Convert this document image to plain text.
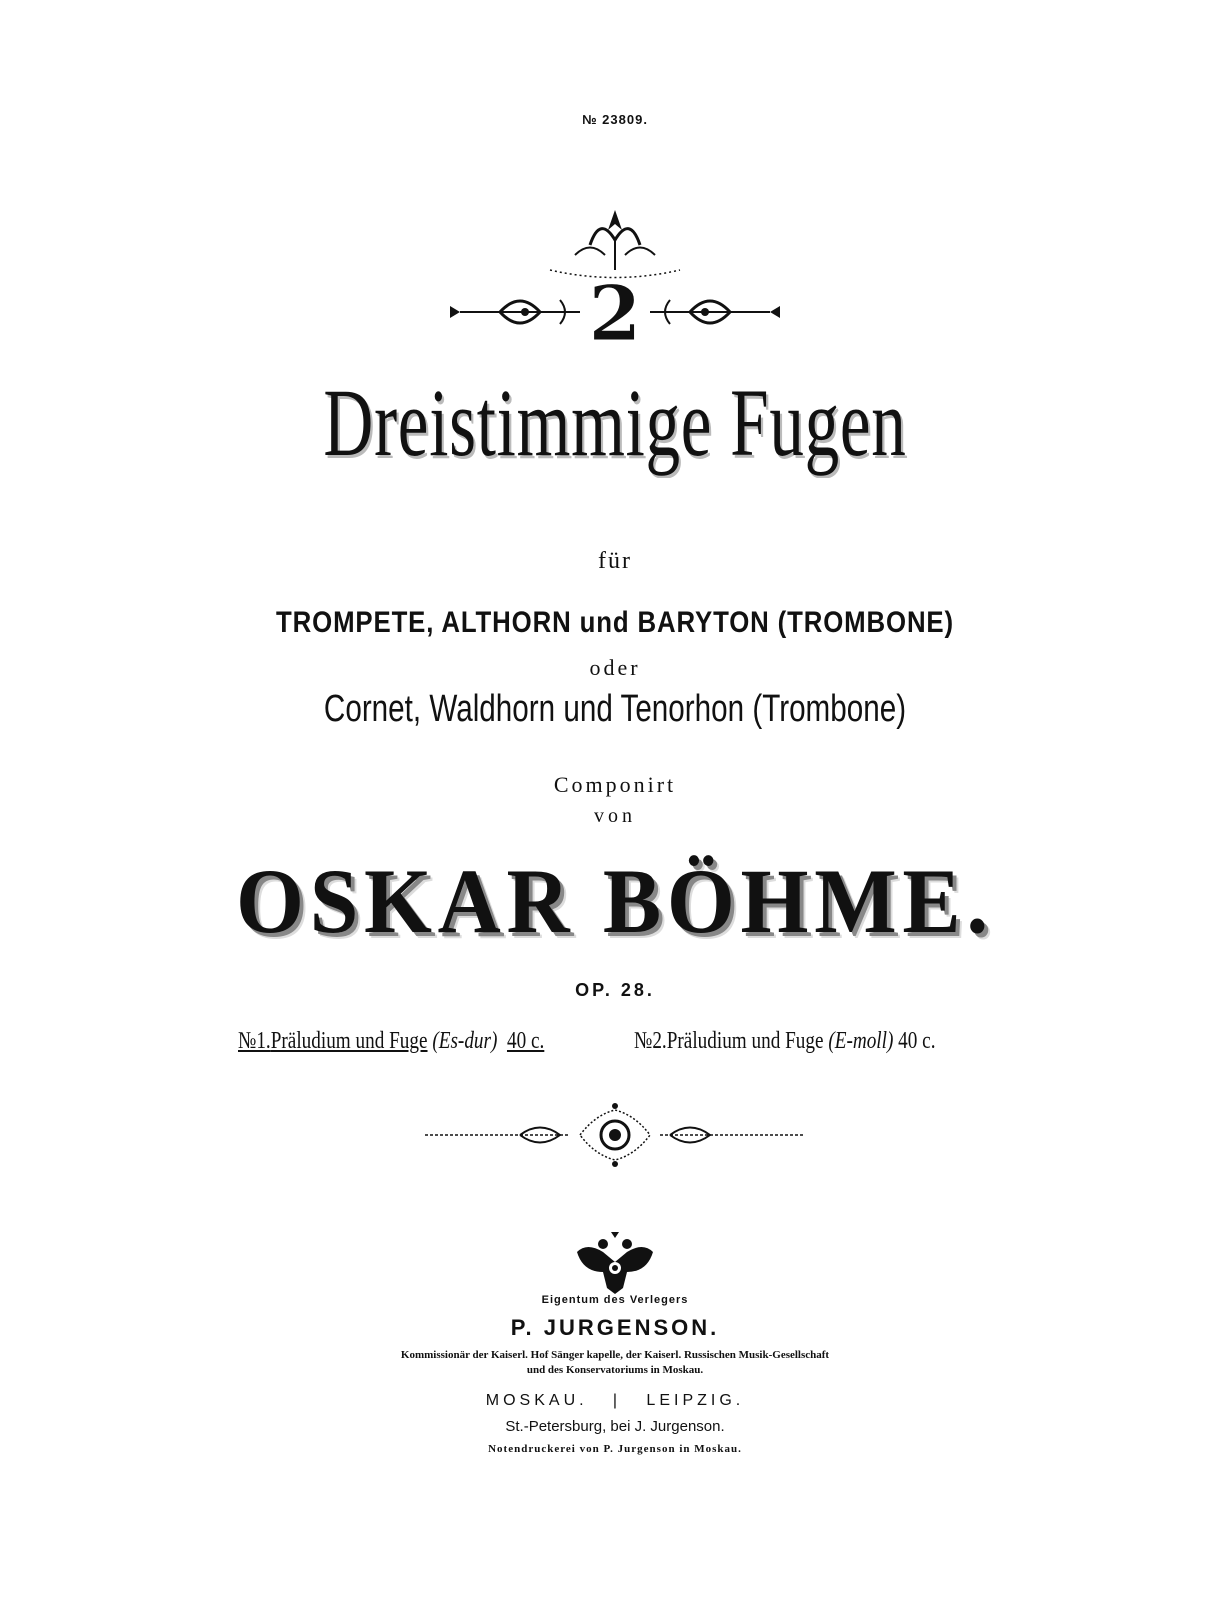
№ 23809.
2
Dreistimmige Fugen
für
TROMPETE, ALTHORN und BARYTON (TROMBONE)
oder
Cornet, Waldhorn und Tenorhon (Trombone)
Componirt
von
OSKAR BÖHME.
OP. 28.
№1.Präludium und Fuge (Es-dur) 40 c.	№2.Präludium und Fuge (E-moll) 40 c.
Eigentum des Verlegers
P. JURGENSON.
Kommissionär der Kaiserl. Hof Sänger kapelle, der Kaiserl. Russischen Musik-Gesellschaft
und des Konservatoriums in Moskau.
MOSKAU. | LEIPZIG.
St.-Petersburg, bei J. Jurgenson.
Notendruckerei von P. Jurgenson in Moskau.
